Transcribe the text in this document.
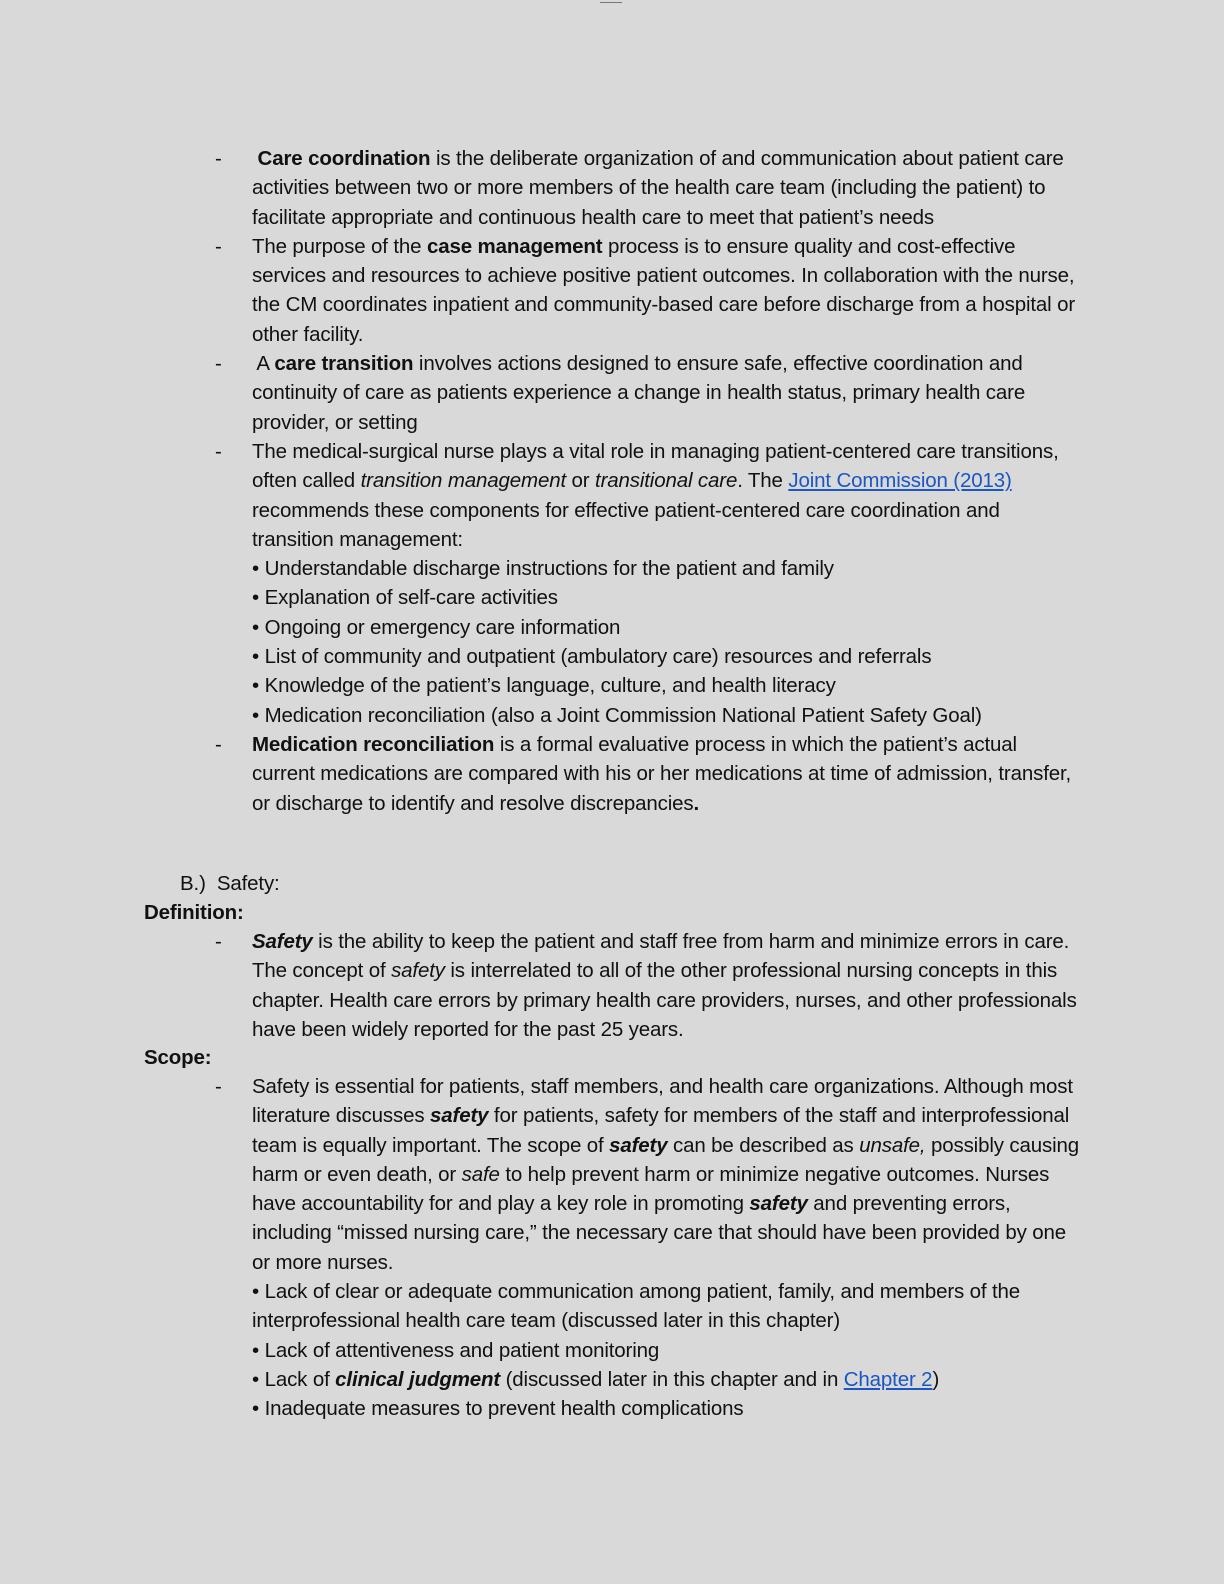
- Care coordination is the deliberate organization of and communication about patient care activities between two or more members of the health care team (including the patient) to facilitate appropriate and continuous health care to meet that patient’s needs
- The purpose of the case management process is to ensure quality and cost-effective services and resources to achieve positive patient outcomes. In collaboration with the nurse, the CM coordinates inpatient and community-based care before discharge from a hospital or other facility.
- A care transition involves actions designed to ensure safe, effective coordination and continuity of care as patients experience a change in health status, primary health care provider, or setting
- The medical-surgical nurse plays a vital role in managing patient-centered care transitions, often called transition management or transitional care. The Joint Commission (2013) recommends these components for effective patient-centered care coordination and transition management:
• Understandable discharge instructions for the patient and family
• Explanation of self-care activities
• Ongoing or emergency care information
• List of community and outpatient (ambulatory care) resources and referrals
• Knowledge of the patient’s language, culture, and health literacy
• Medication reconciliation (also a Joint Commission National Patient Safety Goal)
- Medication reconciliation is a formal evaluative process in which the patient’s actual current medications are compared with his or her medications at time of admission, transfer, or discharge to identify and resolve discrepancies.
B.)  Safety:
Definition:
- Safety is the ability to keep the patient and staff free from harm and minimize errors in care. The concept of safety is interrelated to all of the other professional nursing concepts in this chapter. Health care errors by primary health care providers, nurses, and other professionals have been widely reported for the past 25 years.
Scope:
- Safety is essential for patients, staff members, and health care organizations. Although most literature discusses safety for patients, safety for members of the staff and interprofessional team is equally important. The scope of safety can be described as unsafe, possibly causing harm or even death, or safe to help prevent harm or minimize negative outcomes. Nurses have accountability for and play a key role in promoting safety and preventing errors, including “missed nursing care,” the necessary care that should have been provided by one or more nurses.
• Lack of clear or adequate communication among patient, family, and members of the interprofessional health care team (discussed later in this chapter)
• Lack of attentiveness and patient monitoring
• Lack of clinical judgment (discussed later in this chapter and in Chapter 2)
• Inadequate measures to prevent health complications
